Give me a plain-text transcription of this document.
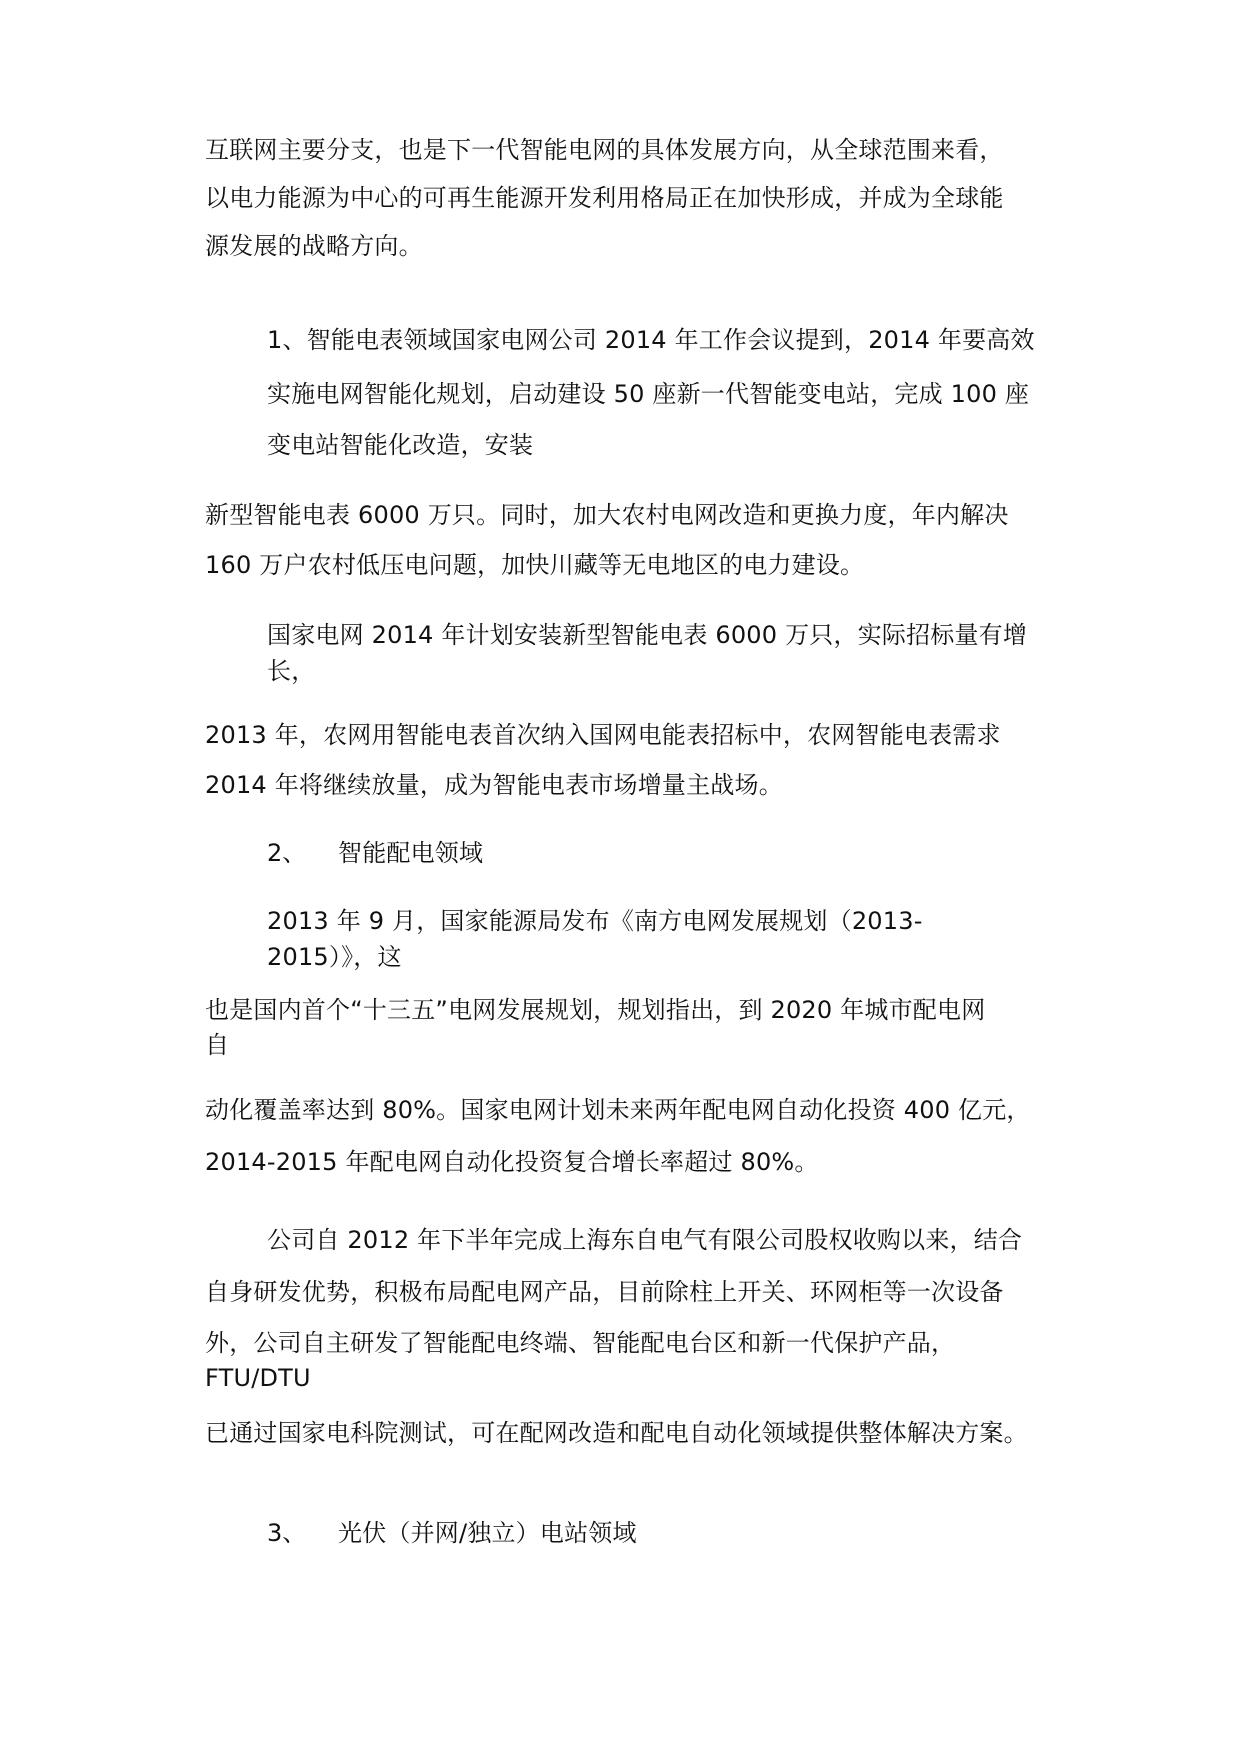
互联网主要分支，也是下一代智能电网的具体发展方向，从全球范围来看，
以电力能源为中心的可再生能源开发利用格局正在加快形成，并成为全球能
源发展的战略方向。
1、智能电表领域国家电网公司 2014 年工作会议提到，2014 年要高效
实施电网智能化规划，启动建设 50 座新一代智能变电站，完成 100 座
变电站智能化改造，安装
新型智能电表 6000 万只。同时，加大农村电网改造和更换力度，年内解决
160 万户农村低压电问题，加快川藏等无电地区的电力建设。
国家电网 2014 年计划安装新型智能电表 6000 万只，实际招标量有增
长，
2013 年，农网用智能电表首次纳入国网电能表招标中，农网智能电表需求
2014 年将继续放量，成为智能电表市场增量主战场。
2、 智能配电领域
2013 年 9 月，国家能源局发布《南方电网发展规划（2013-
2015）》，这
也是国内首个“十三五”电网发展规划，规划指出，到 2020 年城市配电网
自
动化覆盖率达到 80%。国家电网计划未来两年配电网自动化投资 400 亿元，
2014-2015 年配电网自动化投资复合增长率超过 80%。
公司自 2012 年下半年完成上海东自电气有限公司股权收购以来，结合
自身研发优势，积极布局配电网产品，目前除柱上开关、环网柜等一次设备
外，公司自主研发了智能配电终端、智能配电台区和新一代保护产品，
FTU/DTU
已通过国家电科院测试，可在配网改造和配电自动化领域提供整体解决方案。
3、 光伏（并网/独立）电站领域
